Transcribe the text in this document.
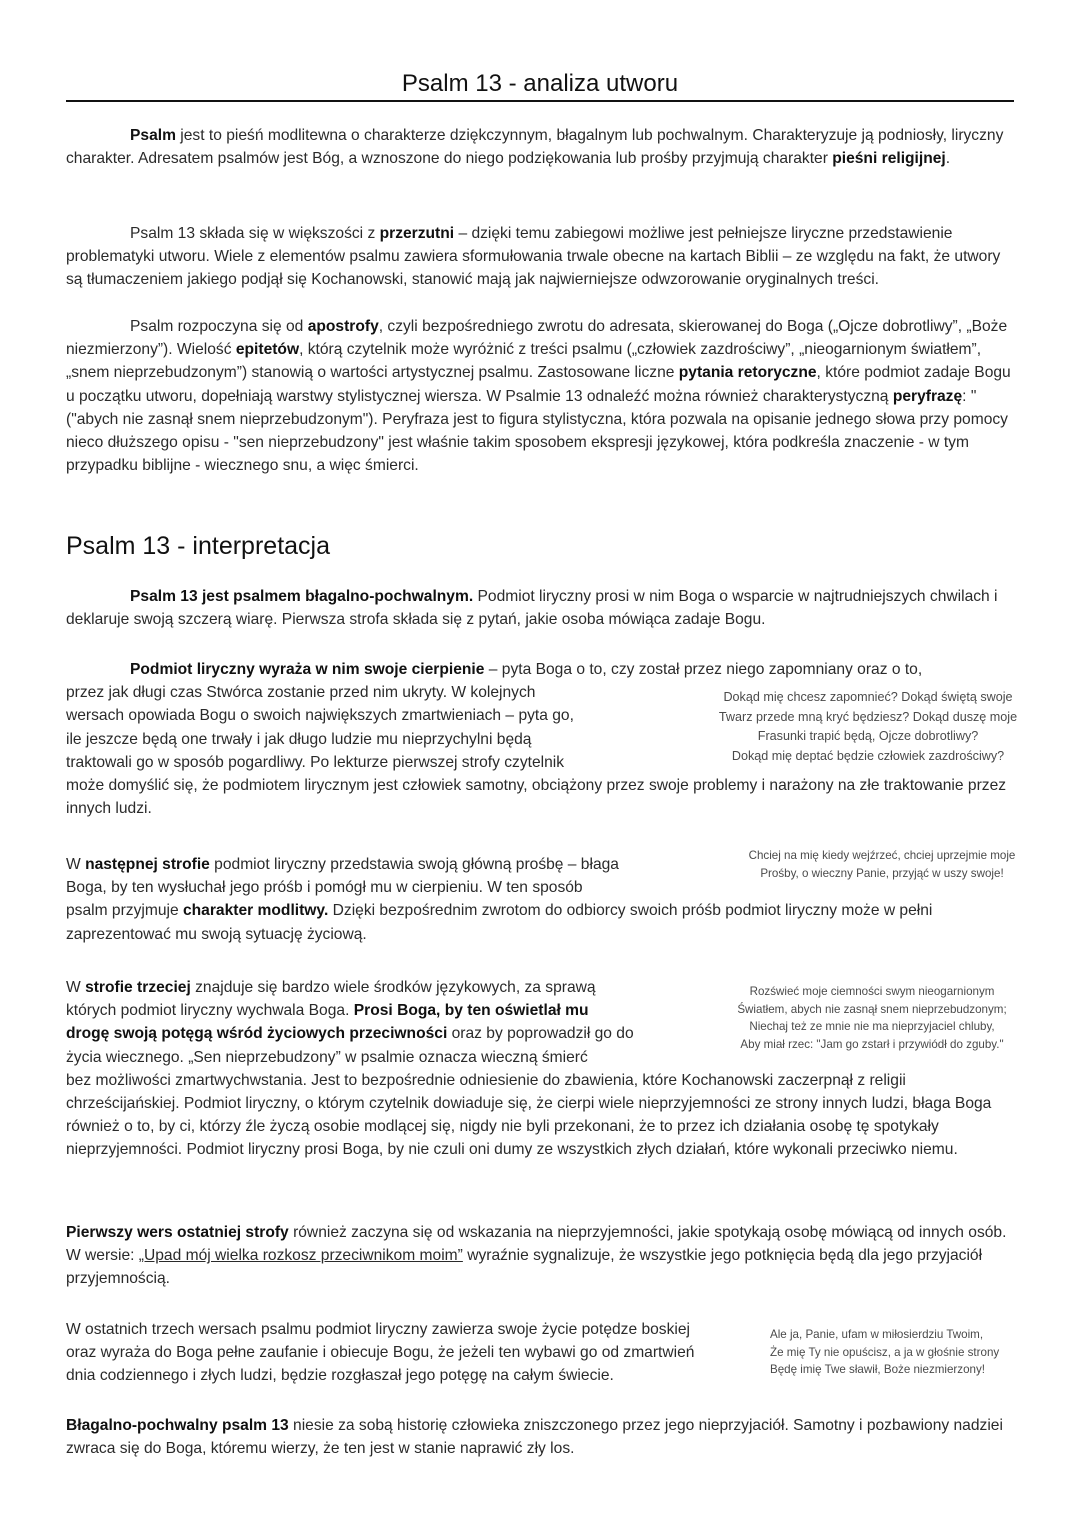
Psalm 13 - analiza utworu
Psalm jest to pieśń modlitewna o charakterze dziękczynnym, błagalnym lub pochwalnym. Charakteryzuje ją podniosły, liryczny charakter. Adresatem psalmów jest Bóg, a wznoszone do niego podziękowania lub prośby przyjmują charakter pieśni religijnej.
Psalm 13 składa się w większości z przerzutni – dzięki temu zabiegowi możliwe jest pełniejsze liryczne przedstawienie problematyki utworu. Wiele z elementów psalmu zawiera sformułowania trwale obecne na kartach Biblii – ze względu na fakt, że utwory są tłumaczeniem jakiego podjął się Kochanowski, stanowić mają jak najwierniejsze odwzorowanie oryginalnych treści.
Psalm rozpoczyna się od apostrofy, czyli bezpośredniego zwrotu do adresata, skierowanej do Boga („Ojcze dobrotliwy”, „Boże niezmierzony”). Wielość epitetów, którą czytelnik może wyróżnić z treści psalmu („człowiek zazdrościwy”, „nieogarnionym światłem”, „snem nieprzebudzonym”) stanowią o wartości artystycznej psalmu. Zastosowane liczne pytania retoryczne, które podmiot zadaje Bogu u początku utworu, dopełniają warstwy stylistycznej wiersza. W Psalmie 13 odnaleźć można również charakterystyczną peryfrazę: "("abych nie zasnął snem nieprzebudzonym"). Peryfraza jest to figura stylistyczna, która pozwala na opisanie jednego słowa przy pomocy nieco dłuższego opisu - "sen nieprzebudzony" jest właśnie takim sposobem ekspresji językowej, która podkreśla znaczenie - w tym przypadku biblijne - wiecznego snu, a więc śmierci.
Psalm 13 - interpretacja
Psalm 13 jest psalmem błagalno-pochwalnym. Podmiot liryczny prosi w nim Boga o wsparcie w najtrudniejszych chwilach i deklaruje swoją szczerą wiarę. Pierwsza strofa składa się z pytań, jakie osoba mówiąca zadaje Bogu.
Podmiot liryczny wyraża w nim swoje cierpienie – pyta Boga o to, czy został przez niego zapomniany oraz o to,
przez jak długi czas Stwórca zostanie przed nim ukryty. W kolejnych
wersach opowiada Bogu o swoich największych zmartwieniach – pyta go,
ile jeszcze będą one trwały i jak długo ludzie mu nieprzychylni będą
traktowali go w sposób pogardliwy. Po lekturze pierwszej strofy czytelnik
może domyślić się, że podmiotem lirycznym jest człowiek samotny, obciążony przez swoje problemy i narażony na złe traktowanie przez innych ludzi.
Dokąd mię chcesz zapomnieć? Dokąd świętą swoje
Twarz przede mną kryć będziesz? Dokąd duszę moje
Frasunki trapić będą, Ojcze dobrotliwy?
Dokąd mię deptać będzie człowiek zazdrościwy?
W następnej strofie podmiot liryczny przedstawia swoją główną prośbę – błaga
Boga, by ten wysłuchał jego próśb i pomógł mu w cierpieniu. W ten sposób
psalm przyjmuje charakter modlitwy. Dzięki bezpośrednim zwrotom do odbiorcy swoich próśb podmiot liryczny może w pełni zaprezentować mu swoją sytuację życiową.
Chciej na mię kiedy wejźrzeć, chciej uprzejmie moje
Prośby, o wieczny Panie, przyjąć w uszy swoje!
W strofie trzeciej znajduje się bardzo wiele środków językowych, za sprawą
których podmiot liryczny wychwala Boga. Prosi Boga, by ten oświetlał mu
drogę swoją potęgą wśród życiowych przeciwności oraz by poprowadził go do
życia wiecznego. „Sen nieprzebudzony” w psalmie oznacza wieczną śmierć
bez możliwości zmartwychwstania. Jest to bezpośrednie odniesienie do zbawienia, które Kochanowski zaczerpnął z religii chrześcijańskiej. Podmiot liryczny, o którym czytelnik dowiaduje się, że cierpi wiele nieprzyjemności ze strony innych ludzi, błaga Boga również o to, by ci, którzy źle życzą osobie modlącej się, nigdy nie byli przekonani, że to przez ich działania osobę tę spotykały nieprzyjemności. Podmiot liryczny prosi Boga, by nie czuli oni dumy ze wszystkich złych działań, które wykonali przeciwko niemu.
Rozświeć moje ciemności swym nieogarnionym
Światłem, abych nie zasnął snem nieprzebudzonym;
Niechaj też ze mnie nie ma nieprzyjaciel chluby,
Aby miał rzec: "Jam go zstarł i przywiódł do zguby."
Pierwszy wers ostatniej strofy również zaczyna się od wskazania na nieprzyjemności, jakie spotykają osobę mówiącą od innych osób. W wersie: „Upad mój wielka rozkosz przeciwnikom moim” wyraźnie sygnalizuje, że wszystkie jego potknięcia będą dla jego przyjaciół przyjemnością.
W ostatnich trzech wersach psalmu podmiot liryczny zawierza swoje życie potędze boskiej
oraz wyraża do Boga pełne zaufanie i obiecuje Bogu, że jeżeli ten wybawi go od zmartwień
dnia codziennego i złych ludzi, będzie rozgłaszał jego potęgę na całym świecie.
Ale ja, Panie, ufam w miłosierdziu Twoim,
Że mię Ty nie opuścisz, a ja w głośnie strony
Będę imię Twe sławił, Boże niezmierzony!
Błagalno-pochwalny psalm 13 niesie za sobą historię człowieka zniszczonego przez jego nieprzyjaciół. Samotny i pozbawiony nadziei zwraca się do Boga, któremu wierzy, że ten jest w stanie naprawić zły los.
